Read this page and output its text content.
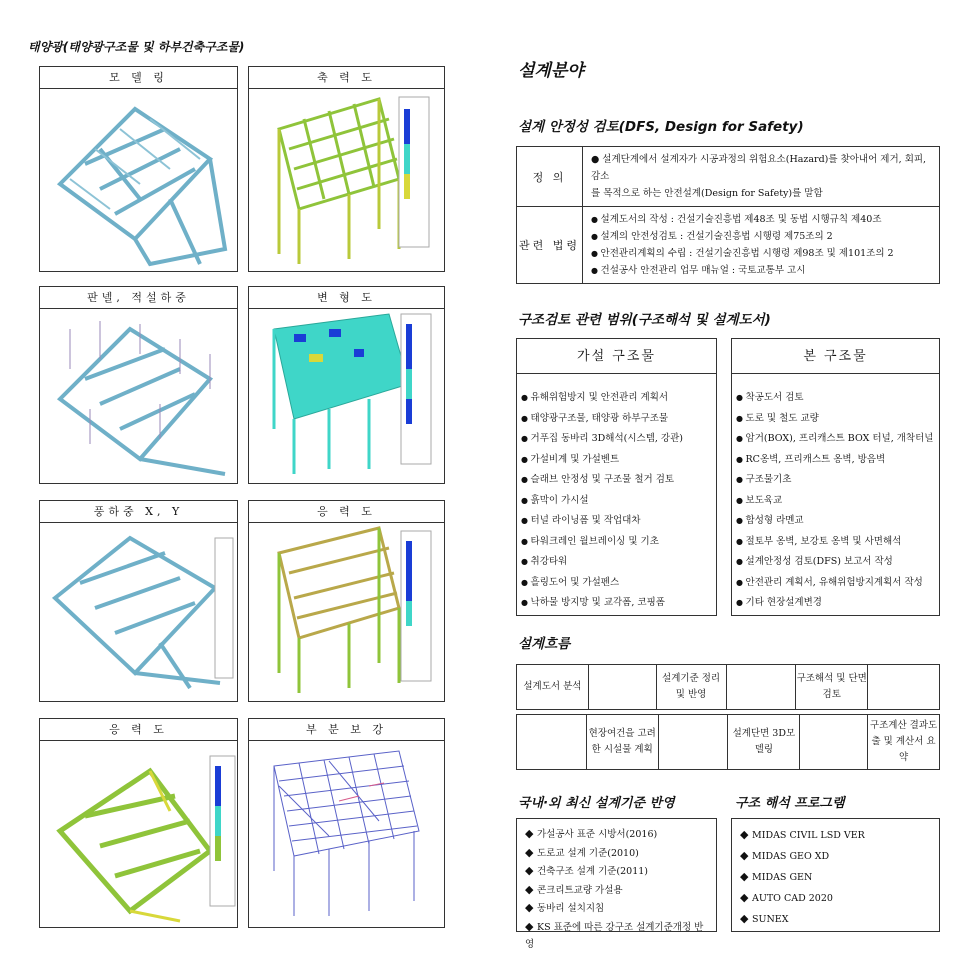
태양광(태양광구조물 및 하부건축구조물)
모 델 링	축 력 도
판넬, 적설하중	변 형 도
풍하중 X, Y	응 력 도
응 력 도	부 분 보 강
설계분야
설계 안정성 검토(DFS, Design for Safety)
정 의	● 설계단계에서 설계자가 시공과정의 위험요소(Hazard)를 찾아내어 제거, 회피, 감소
를 목적으로 하는 안전설계(Design for Safety)를 말함

관련 법령	● 설계도서의 작성 : 건설기술진흥법 제48조 및 동법 시행규칙 제40조
● 설계의 안전성검토 : 건설기술진흥법 시행령 제75조의 2
● 안전관리계획의 수립 : 건설기술진흥법 시행령 제98조 및 제101조의 2
● 건설공사 안전관리 업무 매뉴얼 : 국토교통부 고시
구조검토 관련 범위(구조해석 및 설계도서)
가설 구조물
● 유해위험방지 및 안전관리 계획서
● 태양광구조물, 태양광 하부구조물
● 거푸집 동바리 3D해석(시스템, 강관)
● 가설비계 및 가설벤트
● 슬래브 안정성 및 구조물 철거 검토
● 흙막이 가시설
● 터널 라이닝폼 및 작업대차
● 타워크레인 월브레이싱 및 기초
● 취강타워
● 흘링도어 및 가설펜스
● 낙하물 방지망 및 교각폼, 코핑폼
본 구조물
● 착공도서 검토
● 도로 및 철도 교량
● 암거(BOX), 프리캐스트 BOX 터널, 개착터널
● RC옹벽, 프리캐스트 옹벽, 방음벽
● 구조물기초
● 보도육교
● 합성형 라멘교
● 절토부 옹벽, 보강토 옹벽 및 사면해석
● 설계안정성 검토(DFS) 보고서 작성
● 안전관리 계획서, 유해위험방지계획서 작성
● 기타 현장설계변경
설계흐름
설계도서 분석		설계기준 정리 및 반영		구조해석 및 단면검토	
	현장여건을 고려한 시설물 계획		설계단면 3D모델링		구조계산 결과도출 및 계산서 요약
국내·외 최신 설계기준 반영	구조 해석 프로그램
◆ 가설공사 표준 시방서(2016)
◆ 도로교 설계 기준(2010)
◆ 건축구조 설계 기준(2011)
◆ 콘크리트교량 가설용
◆ 동바리 설치지침
◆ KS 표준에 따른 강구조 설계기준개정 반영
◆ MIDAS CIVIL LSD VER
◆ MIDAS GEO XD
◆ MIDAS GEN
◆ AUTO CAD 2020
◆ SUNEX
